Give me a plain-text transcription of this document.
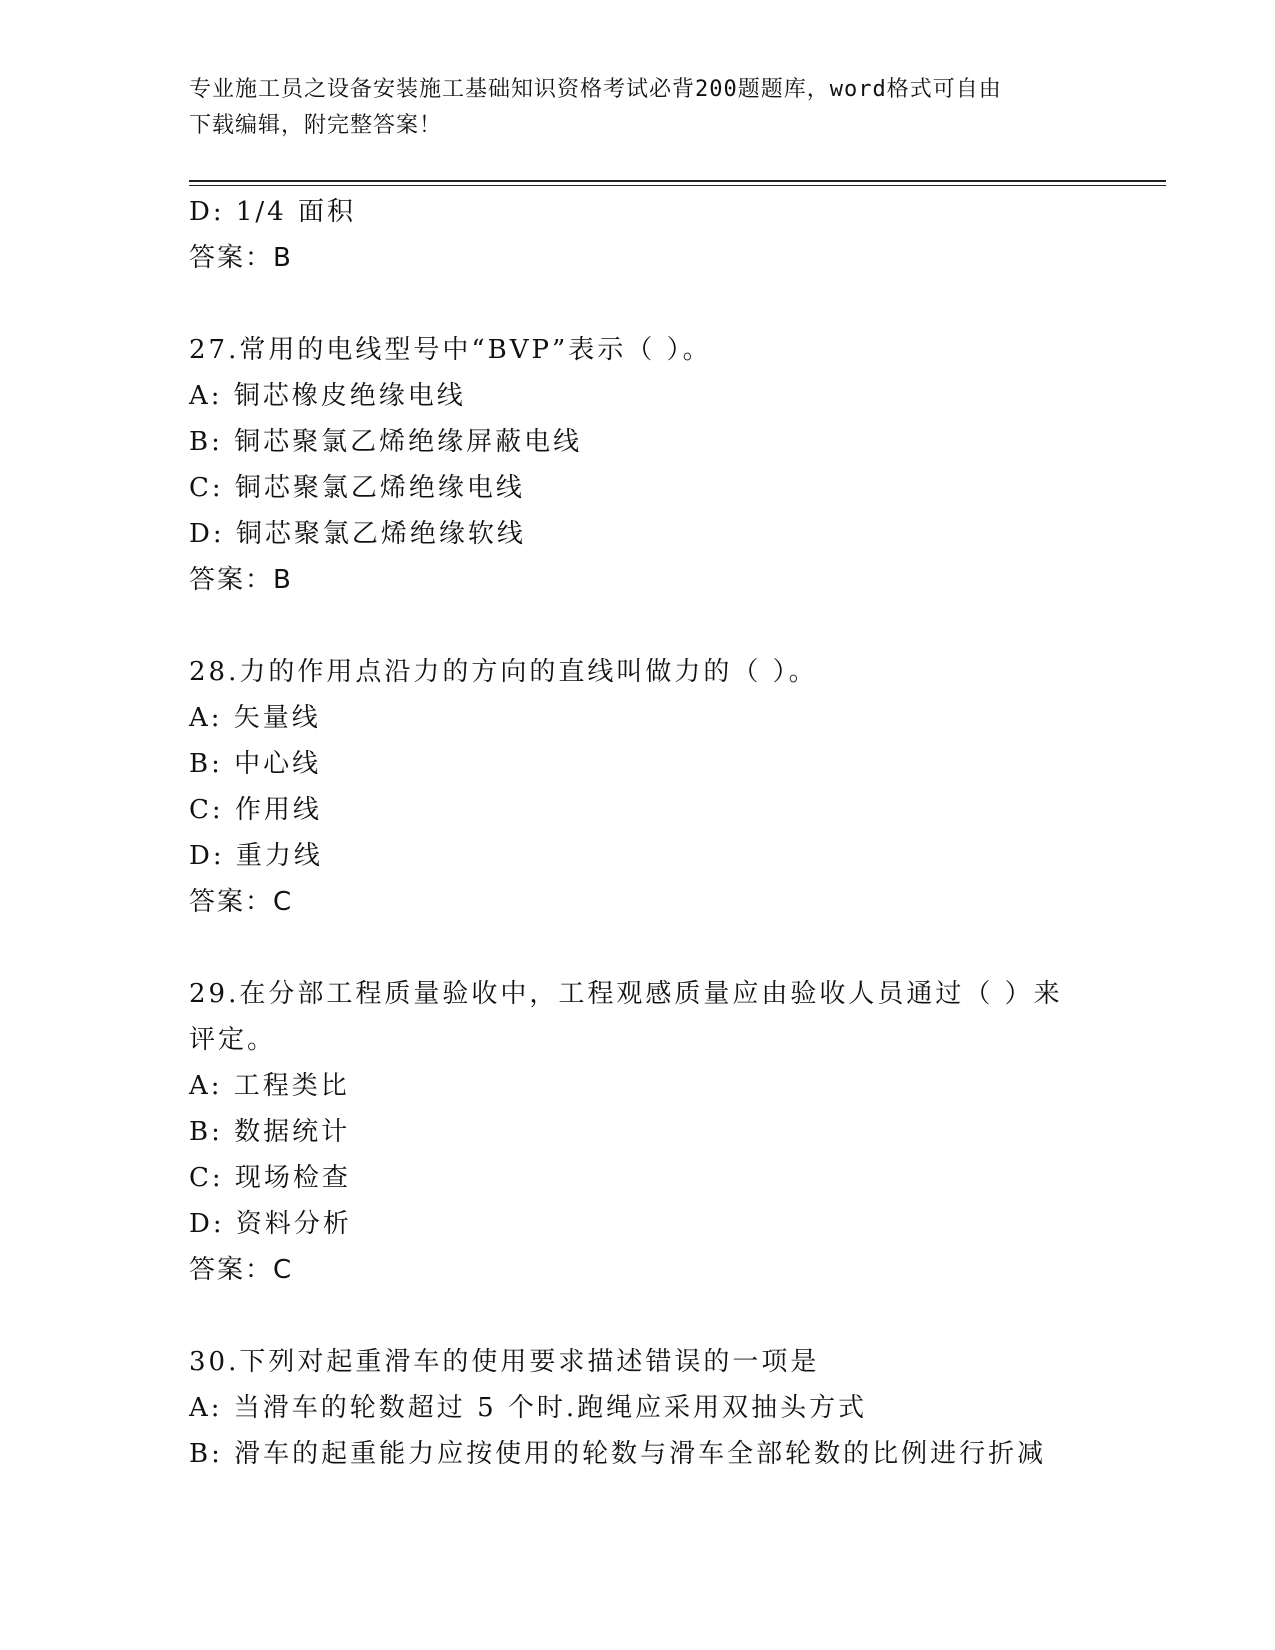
专业施工员之设备安装施工基础知识资格考试必背200题题库，word格式可自由
下载编辑，附完整答案！
D: 1/4 面积
答案：B
27.常用的电线型号中“BVP”表示（ ）。
A: 铜芯橡皮绝缘电线
B: 铜芯聚氯乙烯绝缘屏蔽电线
C: 铜芯聚氯乙烯绝缘电线
D: 铜芯聚氯乙烯绝缘软线
答案：B
28.力的作用点沿力的方向的直线叫做力的（ ）。
A: 矢量线
B: 中心线
C: 作用线
D: 重力线
答案：C
29.在分部工程质量验收中，工程观感质量应由验收人员通过（ ）来
评定。
A: 工程类比
B: 数据统计
C: 现场检查
D: 资料分析
答案：C
30.下列对起重滑车的使用要求描述错误的一项是
A: 当滑车的轮数超过 5 个时.跑绳应采用双抽头方式
B: 滑车的起重能力应按使用的轮数与滑车全部轮数的比例进行折减
